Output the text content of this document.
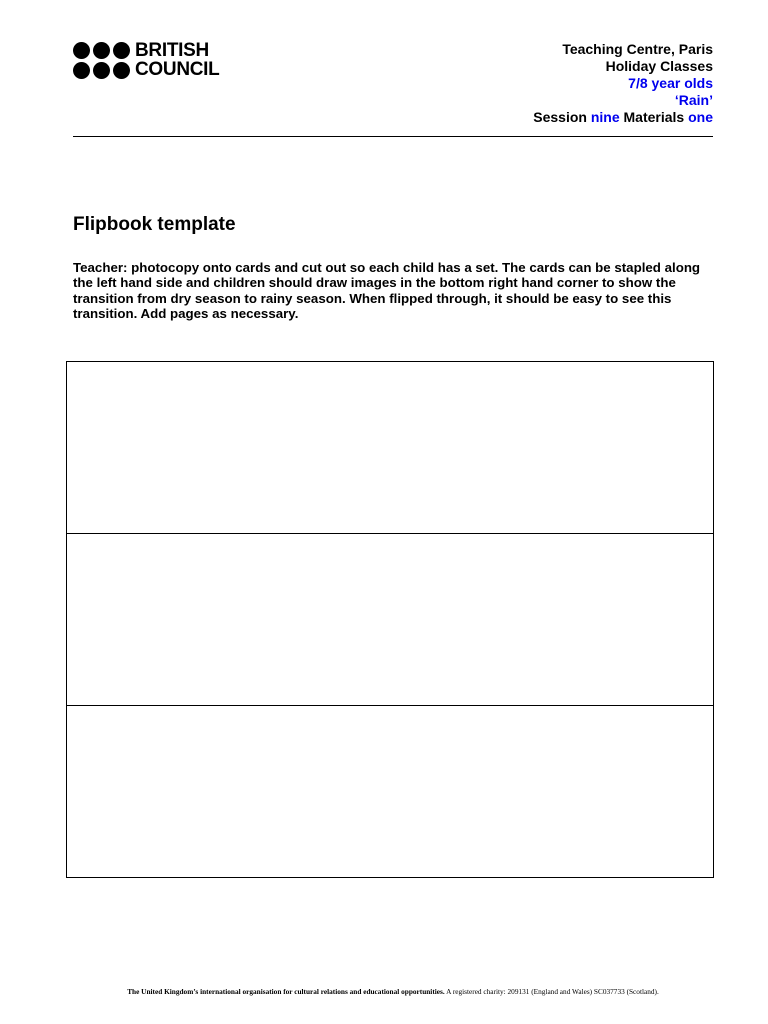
BRITISH
COUNCIL
Teaching Centre, Paris
Holiday Classes
7/8 year olds
‘Rain’
Session nine Materials one
Flipbook template

Teacher: photocopy onto cards and cut out so each child has a set. The cards can be stapled along the left hand side and children should draw images in the bottom right hand corner to show the transition from dry season to rainy season. When flipped through, it should be easy to see this transition. Add pages as necessary.

The United Kingdom’s international organisation for cultural relations and educational opportunities. A registered charity: 209131 (England and Wales) SC037733 (Scotland).
